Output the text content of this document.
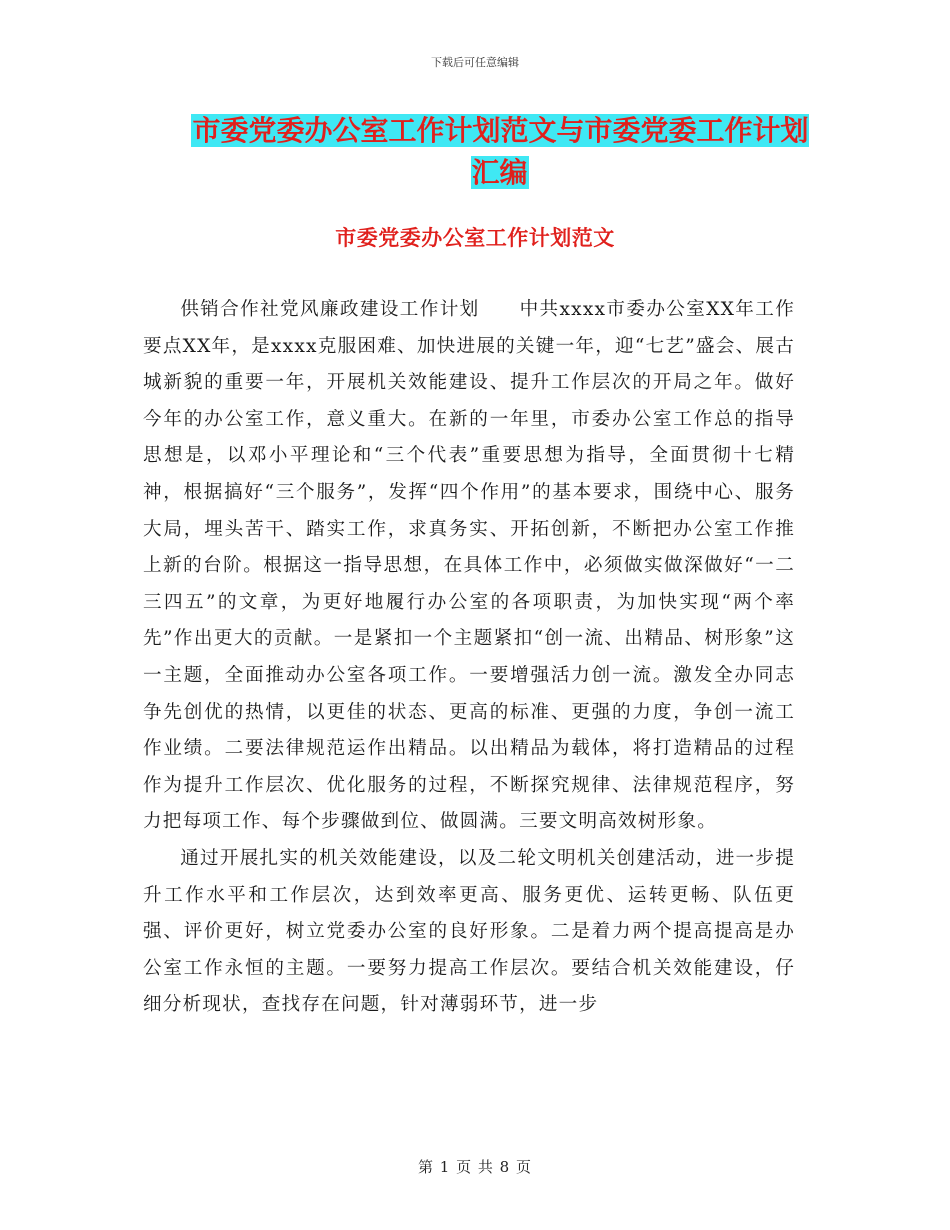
下载后可任意编辑
市委党委办公室工作计划范文与市委党委工作计划汇编
市委党委办公室工作计划范文

供销合作社党风廉政建设工作计划　　中共xxxx市委办公室XX年工作要点XX年，是xxxx克服困难、加快进展的关键一年，迎“七艺”盛会、展古城新貌的重要一年，开展机关效能建设、提升工作层次的开局之年。做好今年的办公室工作，意义重大。在新的一年里，市委办公室工作总的指导思想是，以邓小平理论和“三个代表”重要思想为指导，全面贯彻十七精神，根据搞好“三个服务”，发挥“四个作用”的基本要求，围绕中心、服务大局，埋头苦干、踏实工作，求真务实、开拓创新，不断把办公室工作推上新的台阶。根据这一指导思想，在具体工作中，必须做实做深做好“一二三四五”的文章，为更好地履行办公室的各项职责，为加快实现“两个率先”作出更大的贡献。一是紧扣一个主题紧扣“创一流、出精品、树形象”这一主题，全面推动办公室各项工作。一要增强活力创一流。激发全办同志争先创优的热情，以更佳的状态、更高的标准、更强的力度，争创一流工作业绩。二要法律规范运作出精品。以出精品为载体，将打造精品的过程作为提升工作层次、优化服务的过程，不断探究规律、法律规范程序，努力把每项工作、每个步骤做到位、做圆满。三要文明高效树形象。

通过开展扎实的机关效能建设，以及二轮文明机关创建活动，进一步提升工作水平和工作层次，达到效率更高、服务更优、运转更畅、队伍更强、评价更好，树立党委办公室的良好形象。二是着力两个提高提高是办公室工作永恒的主题。一要努力提高工作层次。要结合机关效能建设，仔细分析现状，查找存在问题，针对薄弱环节，进一步

第 1 页 共 8 页
